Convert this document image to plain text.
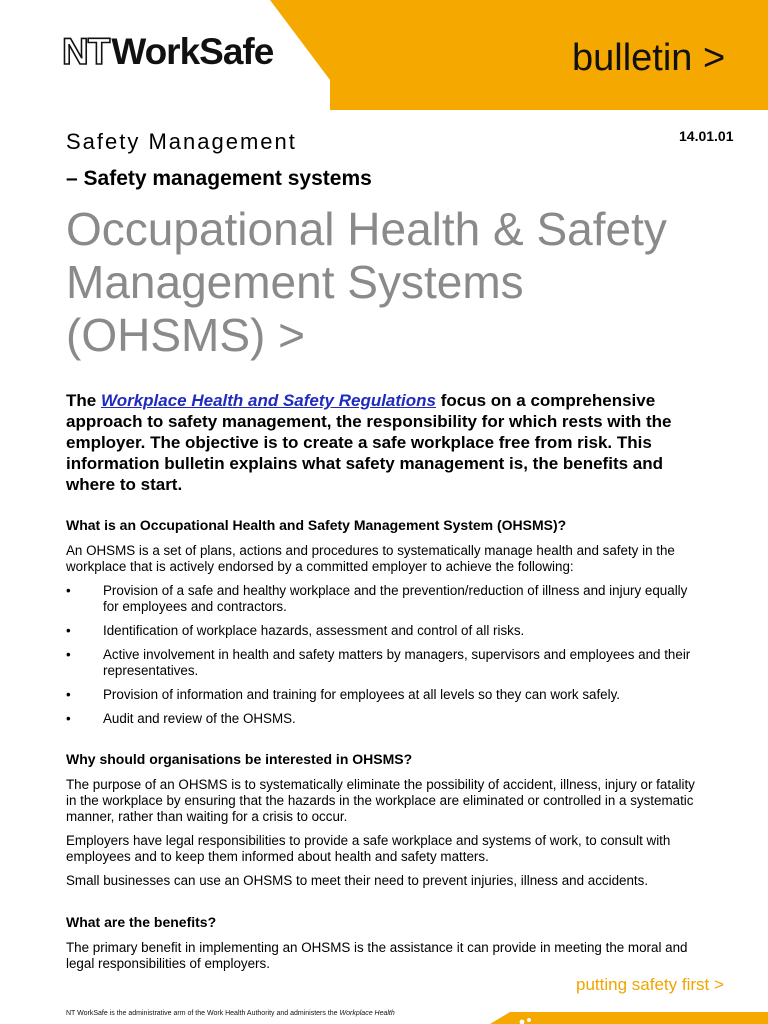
NTWorkSafe	bulletin >
14.01.01
Safety Management
– Safety management systems

Occupational Health & Safety

Management Systems

(OHSMS) >

The Workplace Health and Safety Regulations focus on a comprehensive approach to safety management, the responsibility for which rests with the employer. The objective is to create a safe workplace free from risk. This information bulletin explains what safety management is, the benefits and where to start.
What is an Occupational Health and Safety Management System (OHSMS)?

An OHSMS is a set of plans, actions and procedures to systematically manage health and safety in the workplace that is actively endorsed by a committed employer to achieve the following:

• Provision of a safe and healthy workplace and the prevention/reduction of illness and injury equally for employees and contractors.
• Identification of workplace hazards, assessment and control of all risks.
• Active involvement in health and safety matters by managers, supervisors and employees and their representatives.
• Provision of information and training for employees at all levels so they can work safely.
• Audit and review of the OHSMS.
Why should organisations be interested in OHSMS?

The purpose of an OHSMS is to systematically eliminate the possibility of accident, illness, injury or fatality in the workplace by ensuring that the hazards in the workplace are eliminated or controlled in a systematic manner, rather than waiting for a crisis to occur.

Employers have legal responsibilities to provide a safe workplace and systems of work, to consult with employees and to keep them informed about health and safety matters.

Small businesses can use an OHSMS to meet their need to prevent injuries, illness and accidents.

What are the benefits?

The primary benefit in implementing an OHSMS is the assistance it can provide in meeting the moral and legal responsibilities of employers.

putting safety first >
NT WorkSafe is the administrative arm of the Work Health Authority and administers the Workplace Health
